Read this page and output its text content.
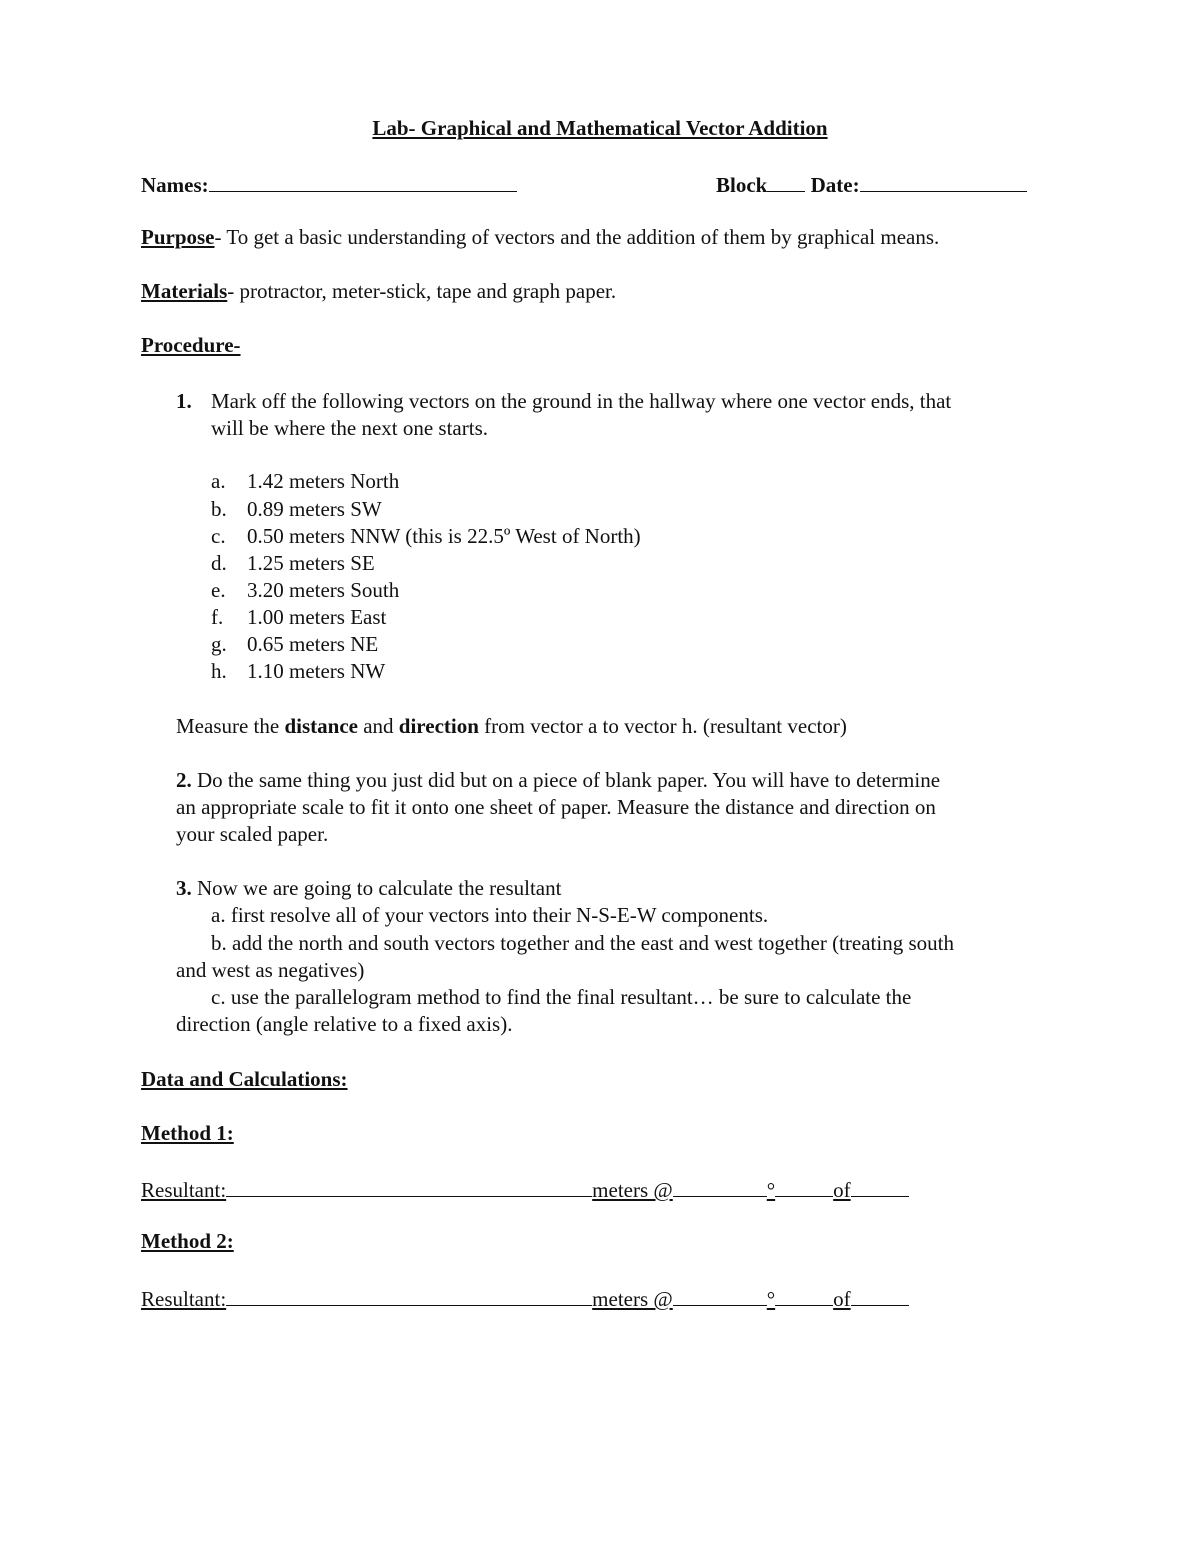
Lab- Graphical and Mathematical Vector Addition
Names:	Block Date:
Purpose- To get a basic understanding of vectors and the addition of them by graphical means.
Materials- protractor, meter-stick, tape and graph paper.
Procedure-
1. Mark off the following vectors on the ground in the hallway where one vector ends, that
will be where the next one starts.
a. 1.42 meters North
b. 0.89 meters SW
c. 0.50 meters NNW (this is 22.5º West of North)
d. 1.25 meters SE
e. 3.20 meters South
f. 1.00 meters East
g. 0.65 meters NE
h. 1.10 meters NW
Measure the distance and direction from vector a to vector h. (resultant vector)
2. Do the same thing you just did but on a piece of blank paper. You will have to determine
an appropriate scale to fit it onto one sheet of paper. Measure the distance and direction on
your scaled paper.
3. Now we are going to calculate the resultant
a. first resolve all of your vectors into their N-S-E-W components.
b. add the north and south vectors together and the east and west together (treating south
and west as negatives)
c. use the parallelogram method to find the final resultant… be sure to calculate the
direction (angle relative to a fixed axis).
Data and Calculations:
Method 1:
Resultant:	meters @	°	of
Method 2:
Resultant:	meters @	°	of
